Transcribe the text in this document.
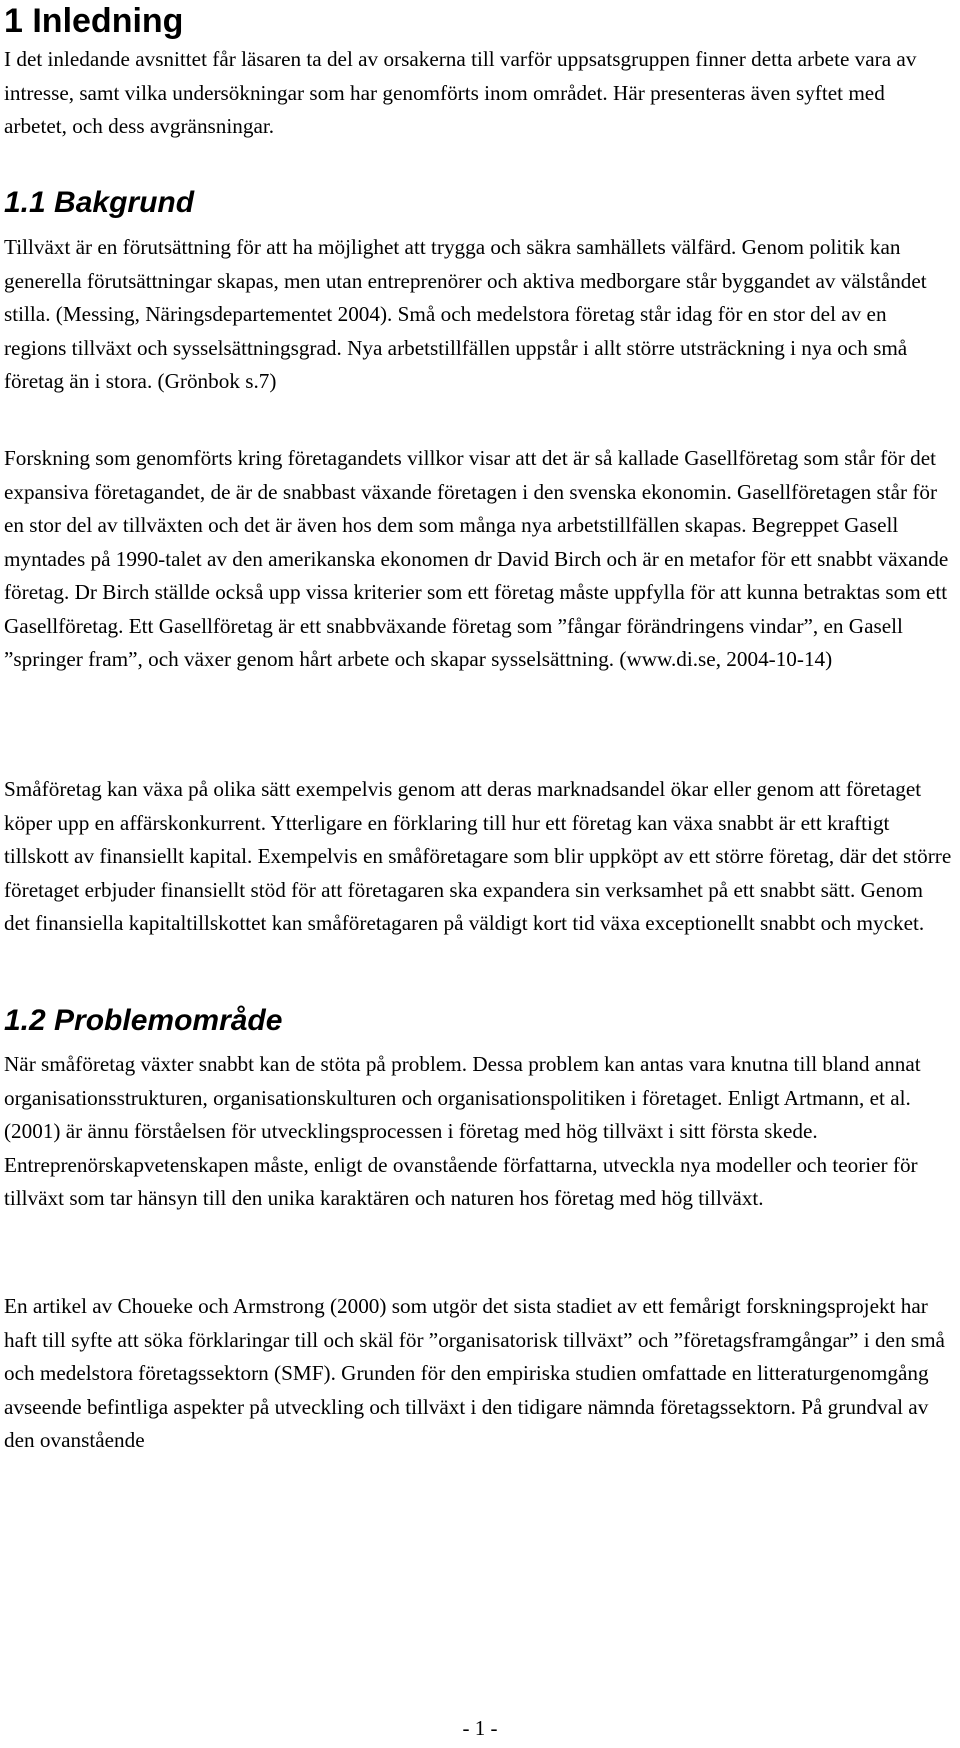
1 Inledning

I det inledande avsnittet får läsaren ta del av orsakerna till varför uppsatsgruppen finner detta arbete vara av intresse, samt vilka undersökningar som har genomförts inom området. Här presenteras även syftet med arbetet, och dess avgränsningar.

1.1 Bakgrund

Tillväxt är en förutsättning för att ha möjlighet att trygga och säkra samhällets välfärd. Genom politik kan generella förutsättningar skapas, men utan entreprenörer och aktiva medborgare står byggandet av välståndet stilla. (Messing, Näringsdepartementet 2004). Små och medelstora företag står idag för en stor del av en regions tillväxt och sysselsättningsgrad. Nya arbetstillfällen uppstår i allt större utsträckning i nya och små företag än i stora. (Grönbok s.7)

Forskning som genomförts kring företagandets villkor visar att det är så kallade Gasellföretag som står för det expansiva företagandet, de är de snabbast växande företagen i den svenska ekonomin. Gasellföretagen står för en stor del av tillväxten och det är även hos dem som många nya arbetstillfällen skapas. Begreppet Gasell myntades på 1990-talet av den amerikanska ekonomen dr David Birch och är en metafor för ett snabbt växande företag. Dr Birch ställde också upp vissa kriterier som ett företag måste uppfylla för att kunna betraktas som ett Gasellföretag. Ett Gasellföretag är ett snabbväxande företag som ”fångar förändringens vindar”, en Gasell ”springer fram”, och växer genom hårt arbete och skapar sysselsättning. (www.di.se, 2004-10-14)

Småföretag kan växa på olika sätt exempelvis genom att deras marknadsandel ökar eller genom att företaget köper upp en affärskonkurrent. Ytterligare en förklaring till hur ett företag kan växa snabbt är ett kraftigt tillskott av finansiellt kapital. Exempelvis en småföretagare som blir uppköpt av ett större företag, där det större företaget erbjuder finansiellt stöd för att företagaren ska expandera sin verksamhet på ett snabbt sätt. Genom det finansiella kapitaltillskottet kan småföretagaren på väldigt kort tid växa exceptionellt snabbt och mycket.

1.2 Problemområde

När småföretag växter snabbt kan de stöta på problem. Dessa problem kan antas vara knutna till bland annat organisationsstrukturen, organisationskulturen och organisationspolitiken i företaget. Enligt Artmann, et al. (2001) är ännu förståelsen för utvecklingsprocessen i företag med hög tillväxt i sitt första skede. Entreprenörskapvetenskapen måste, enligt de ovanstående författarna, utveckla nya modeller och teorier för tillväxt som tar hänsyn till den unika karaktären och naturen hos företag med hög tillväxt.

En artikel av Choueke och Armstrong (2000) som utgör det sista stadiet av ett femårigt forskningsprojekt har haft till syfte att söka förklaringar till och skäl för ”organisatorisk tillväxt” och ”företagsframgångar” i den små och medelstora företagssektorn (SMF). Grunden för den empiriska studien omfattade en litteraturgenomgång avseende befintliga aspekter på utveckling och tillväxt i den tidigare nämnda företagssektorn. På grundval av den ovanstående

- 1 -
